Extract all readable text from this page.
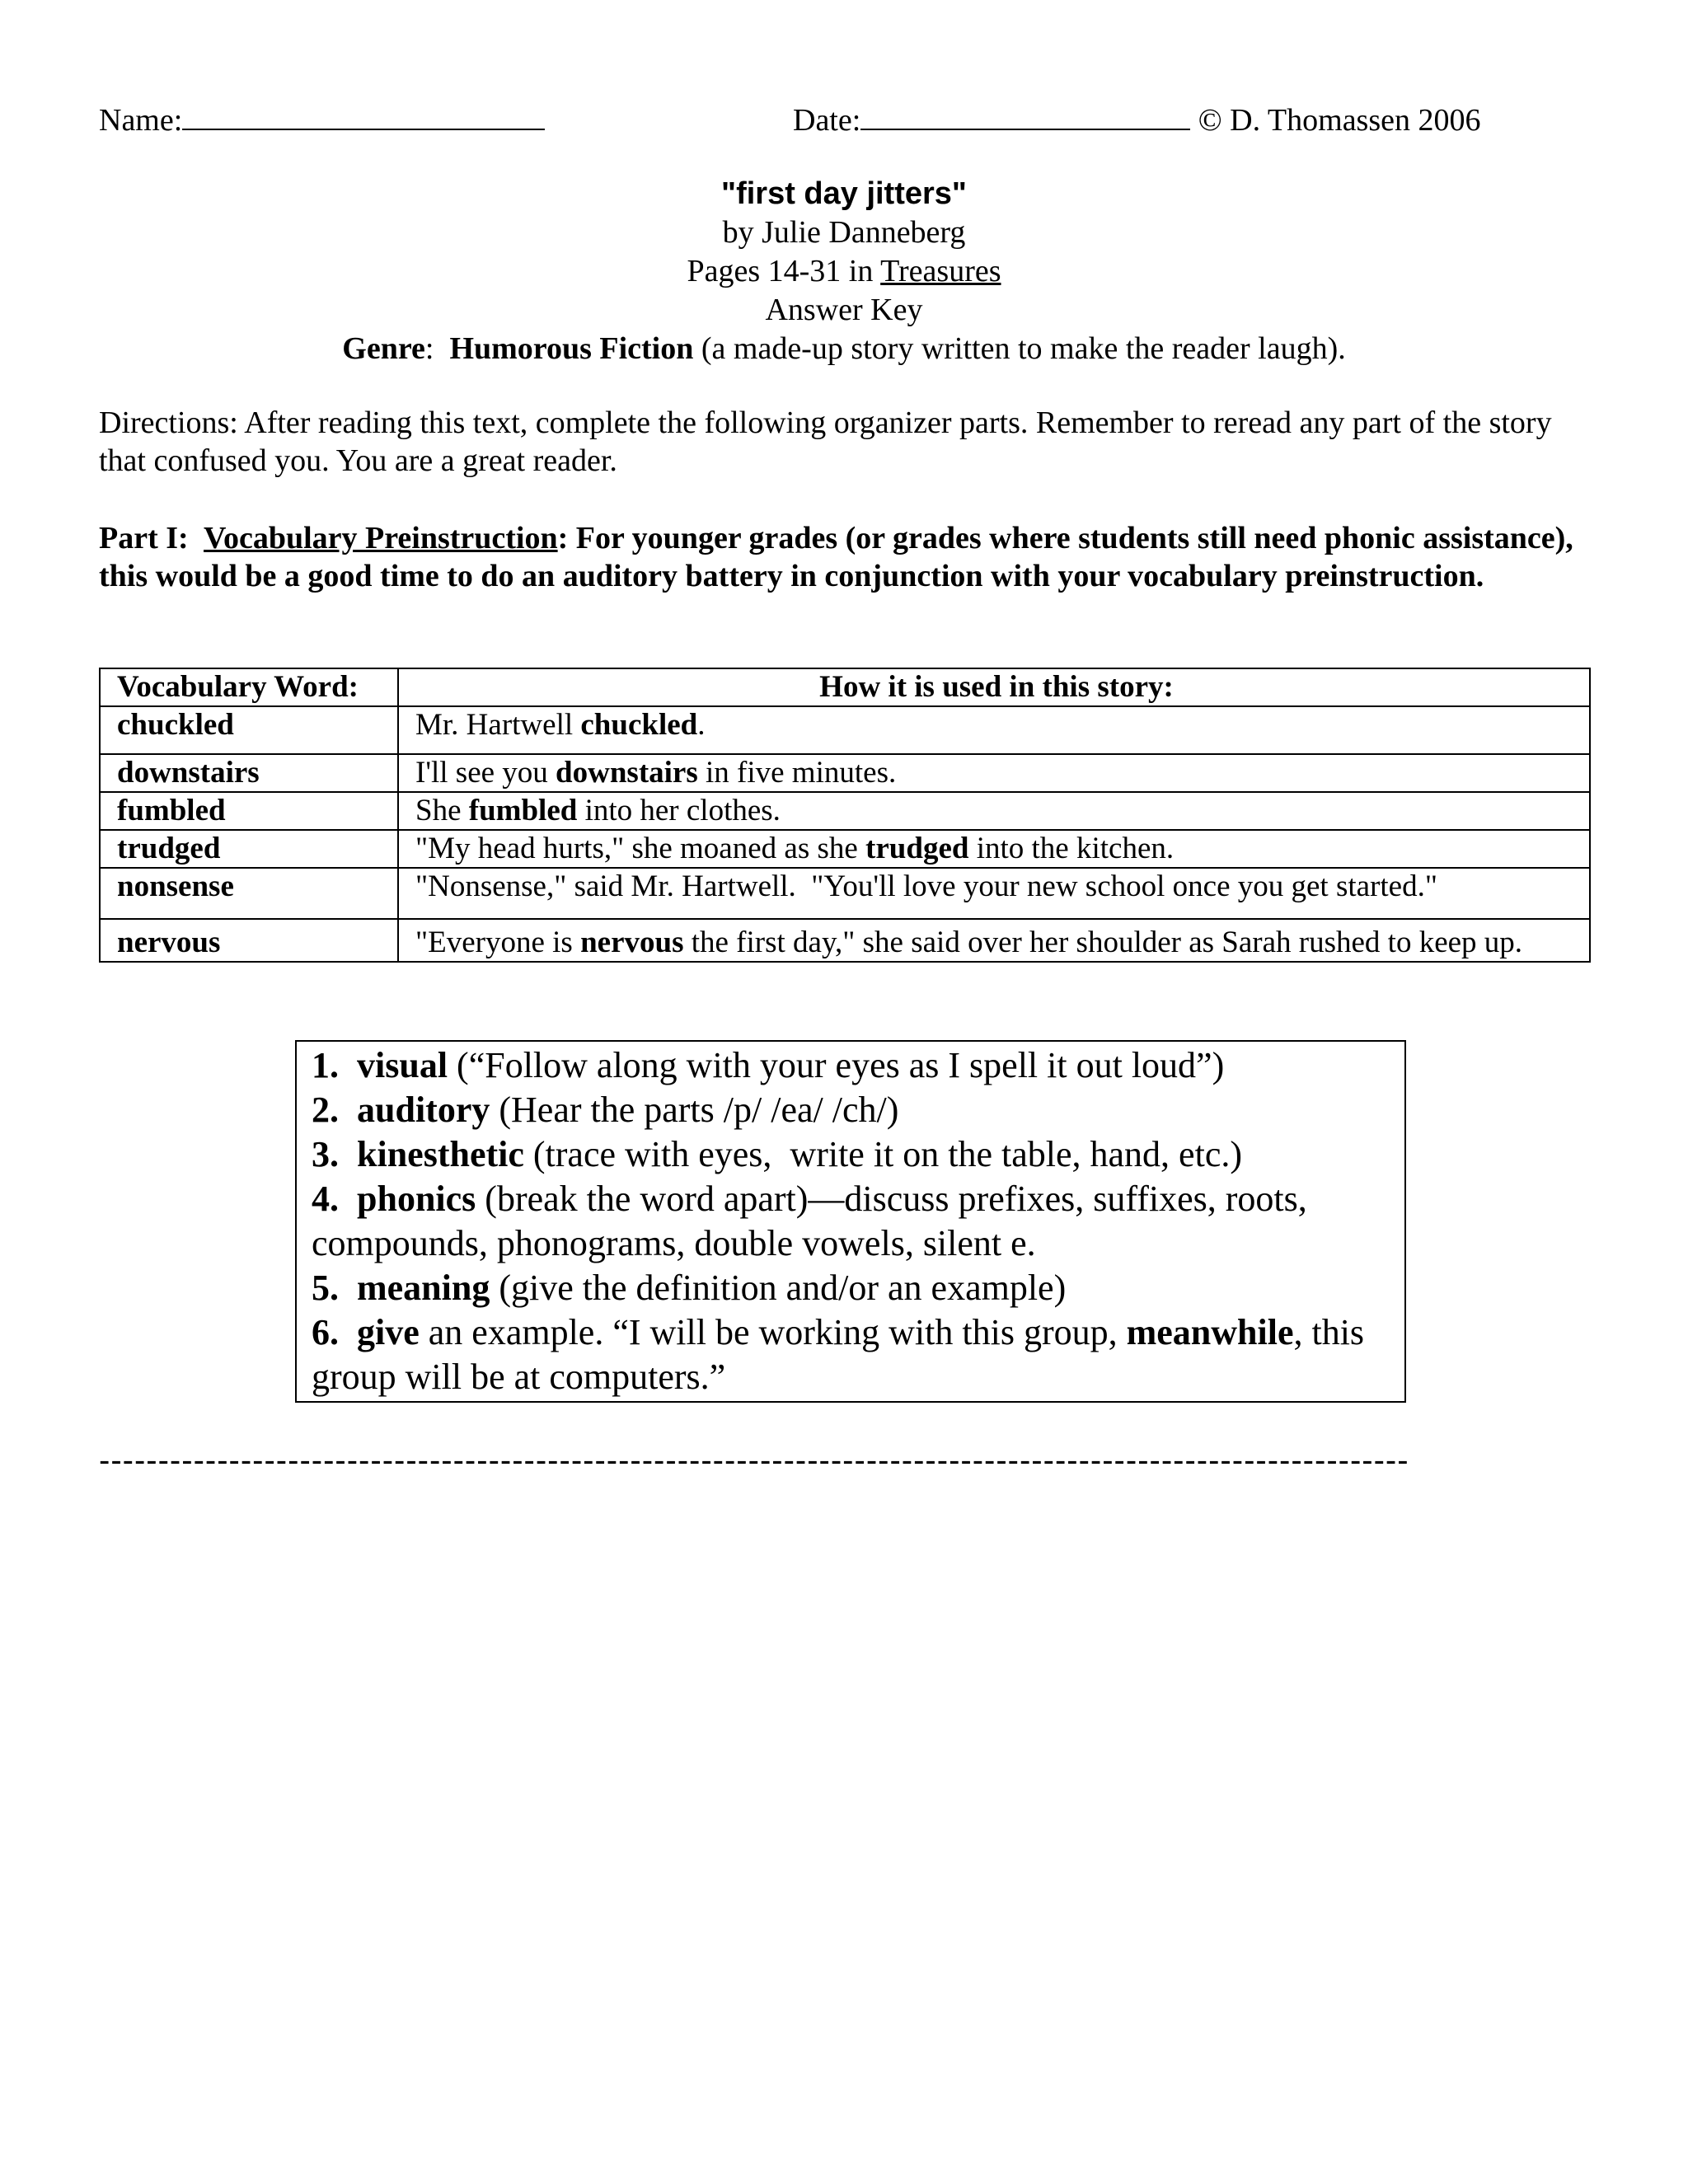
Name:	Date:	© D. Thomassen 2006
"first day jitters"
by Julie Danneberg
Pages 14-31 in Treasures
Answer Key
Genre:  Humorous Fiction (a made-up story written to make the reader laugh).
Directions: After reading this text, complete the following organizer parts. Remember to reread any part of the story that confused you. You are a great reader.
Part I:  Vocabulary Preinstruction: For younger grades (or grades where students still need phonic assistance), this would be a good time to do an auditory battery in conjunction with your vocabulary preinstruction.
Vocabulary Word:	How it is used in this story:
chuckled	Mr. Hartwell chuckled.
downstairs	I'll see you downstairs in five minutes.
fumbled	She fumbled into her clothes.
trudged	"My head hurts," she moaned as she trudged into the kitchen.
nonsense	"Nonsense," said Mr. Hartwell.  "You'll love your new school once you get started."
nervous	"Everyone is nervous the first day," she said over her shoulder as Sarah rushed to keep up.
1.  visual (“Follow along with your eyes as I spell it out loud”)
2.  auditory (Hear the parts /p/ /ea/ /ch/)
3.  kinesthetic (trace with eyes,  write it on the table, hand, etc.)
4.  phonics (break the word apart)—discuss prefixes, suffixes, roots, compounds, phonograms, double vowels, silent e.
5.  meaning (give the definition and/or an example)
6.  give an example. “I will be working with this group, meanwhile, this group will be at computers.”
---------------------------------------------------------------------------------------------------------------
